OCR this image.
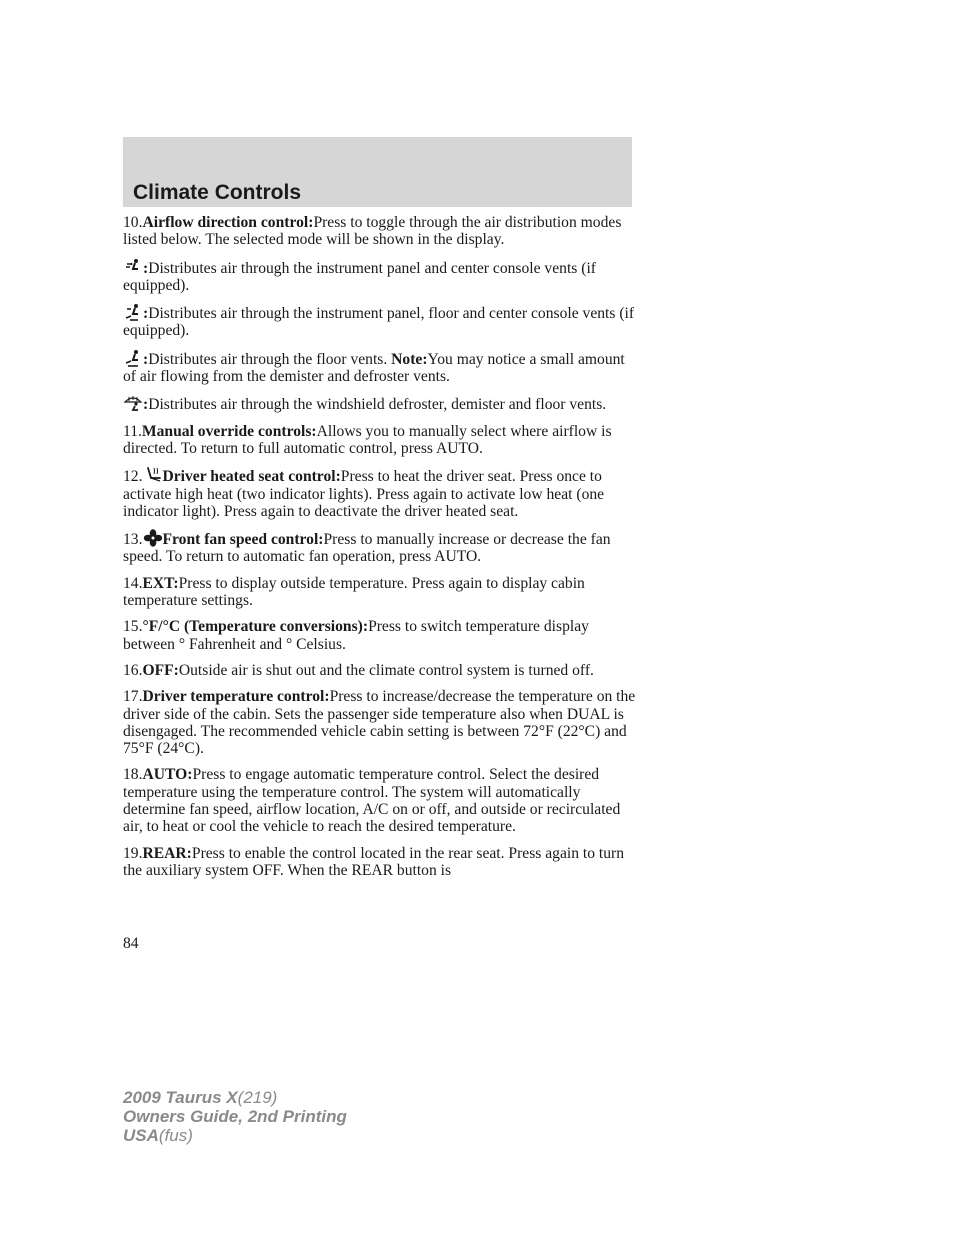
Climate Controls

10.Airflow direction control:Press to toggle through the air distribution modes listed below. The selected mode will be shown in the display.

:Distributes air through the instrument panel and center console vents (if equipped).

:Distributes air through the instrument panel, floor and center console vents (if equipped).

:Distributes air through the floor vents. Note:You may notice a small amount of air flowing from the demister and defroster vents.

:Distributes air through the windshield defroster, demister and floor vents.

11.Manual override controls:Allows you to manually select where airflow is directed. To return to full automatic control, press AUTO.

12. Driver heated seat control:Press to heat the driver seat. Press once to activate high heat (two indicator lights). Press again to activate low heat (one indicator light). Press again to deactivate the driver heated seat.

13. Front fan speed control:Press to manually increase or decrease the fan speed. To return to automatic fan operation, press AUTO.

14.EXT:Press to display outside temperature. Press again to display cabin temperature settings.

15.°F/°C (Temperature conversions):Press to switch temperature display between ° Fahrenheit and ° Celsius.

16.OFF:Outside air is shut out and the climate control system is turned off.

17.Driver temperature control:Press to increase/decrease the temperature on the driver side of the cabin. Sets the passenger side temperature also when DUAL is disengaged. The recommended vehicle cabin setting is between 72°F (22°C) and 75°F (24°C).

18.AUTO:Press to engage automatic temperature control. Select the desired temperature using the temperature control. The system will automatically determine fan speed, airflow location, A/C on or off, and outside or recirculated air, to heat or cool the vehicle to reach the desired temperature.

19.REAR:Press to enable the control located in the rear seat. Press again to turn the auxiliary system OFF. When the REAR button is

84
2009 Taurus X(219)
Owners Guide, 2nd Printing
USA(fus)
